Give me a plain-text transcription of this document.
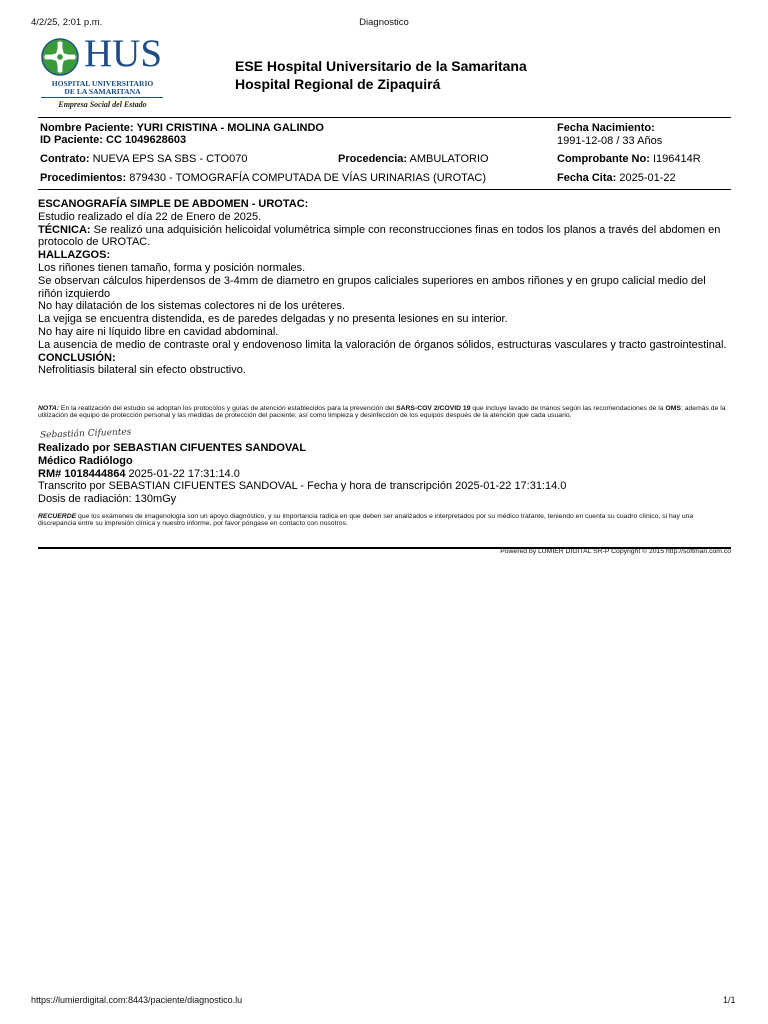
4/2/25, 2:01 p.m.	Diagnostico
HUS
HOSPITAL UNIVERSITARIO
DE LA SAMARITANA
Empresa Social del Estado
ESE Hospital Universitario de la Samaritana
Hospital Regional de Zipaquirá
Nombre Paciente: YURI CRISTINA - MOLINA GALINDO
ID Paciente: CC 1049628603
Fecha Nacimiento:
1991-12-08 / 33 Años
Contrato: NUEVA EPS SA SBS - CTO070	Procedencia: AMBULATORIO	Comprobante No: I196414R
Procedimientos: 879430 - TOMOGRAFÍA COMPUTADA DE VÍAS URINARIAS (UROTAC)	Fecha Cita: 2025-01-22
ESCANOGRAFÍA SIMPLE DE ABDOMEN - UROTAC:
Estudio realizado el día 22 de Enero de 2025.
TÉCNICA: Se realizó una adquisición helicoidal volumétrica simple con reconstrucciones finas en todos los planos a través del abdomen en protocolo de UROTAC.
HALLAZGOS:
Los riñones tienen tamaño, forma y posición normales.
Se observan cálculos hiperdensos de 3-4mm de diametro en grupos caliciales superiores en ambos riñones y en grupo calicial medio del riñón izquierdo
No hay dilatación de los sistemas colectores ni de los uréteres.
La vejiga se encuentra distendida, es de paredes delgadas y no presenta lesiones en su interior.
No hay aire ni líquido libre en cavidad abdominal.
La ausencia de medio de contraste oral y endovenoso limita la valoración de órganos sólidos, estructuras vasculares y tracto gastrointestinal.
CONCLUSIÓN:
Nefrolitiasis bilateral sin efecto obstructivo.
NOTA: En la realización del estudio se adoptan los protocolos y guías de atención establecidos para la prevención del SARS-COV 2/COVID 19 que incluye lavado de manos según las recomendaciones de la OMS; además de la utilización de equipo de protección personal y las medidas de protección del paciente; así como limpieza y desinfección de los equipos después de la atención que cada usuario.
Sebastián Cifuentes
Realizado por SEBASTIAN CIFUENTES SANDOVAL
Médico Radiólogo
RM# 1018444864 2025-01-22 17:31:14.0
Transcrito por SEBASTIAN CIFUENTES SANDOVAL - Fecha y hora de transcripción 2025-01-22 17:31:14.0
Dosis de radiación: 130mGy
RECUERDE que los exámenes de imagenología son un apoyo diagnóstico, y su importancia radica en que deben ser analizados e interpretados por su médico tratante, teniendo en cuenta su cuadro clínico, si hay una discrepancia entre su impresión clínica y nuestro informe, por favor póngase en contacto con nosotros.
Powered by LUMIER DIGITAL SR-P Copyright © 2015 http://softman.com.co
https://lumierdigital.com:8443/paciente/diagnostico.lu	1/1
